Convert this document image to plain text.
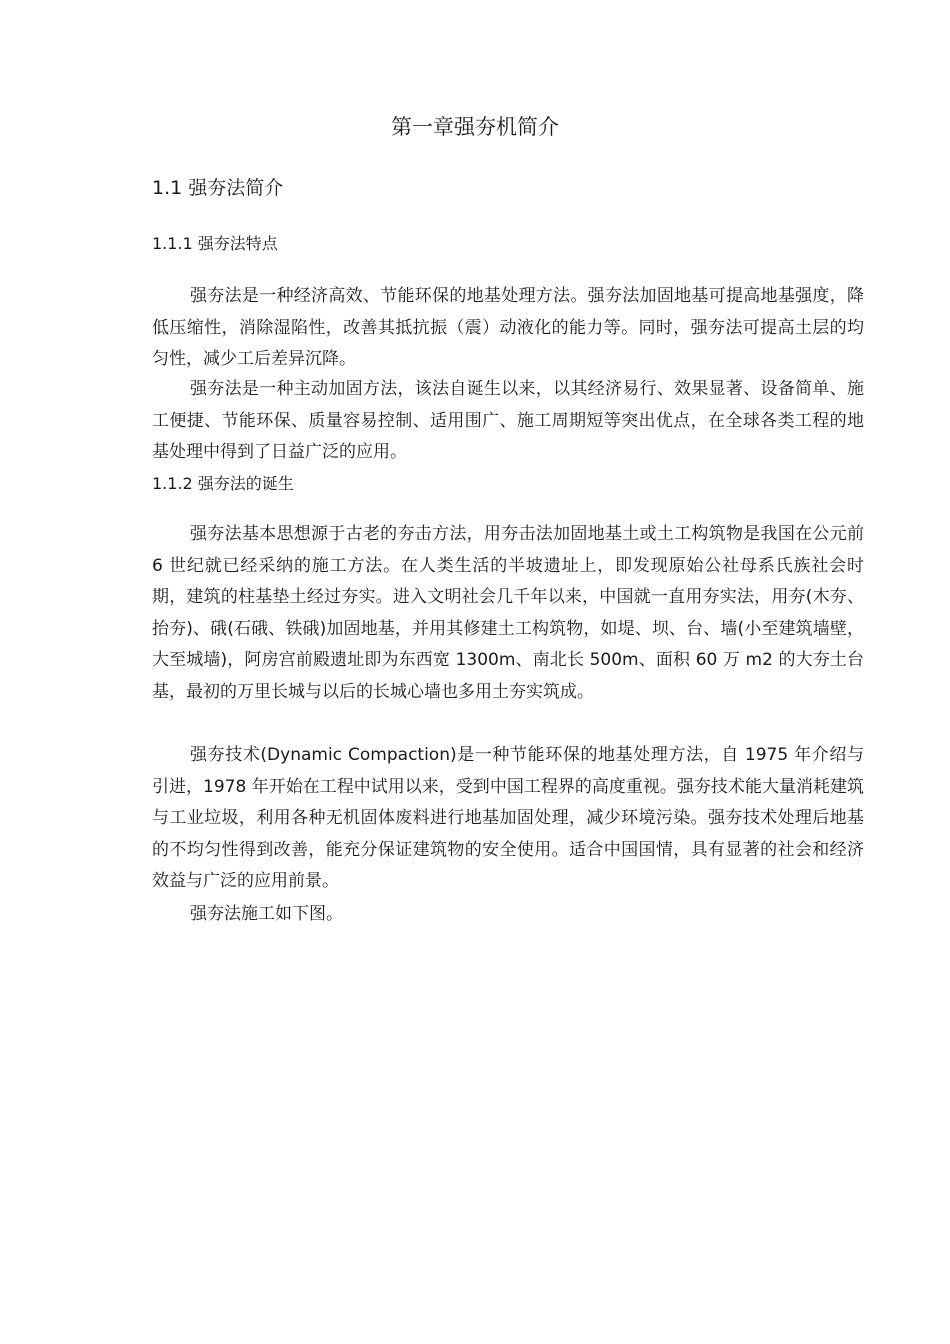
第一章强夯机简介
1.1 强夯法简介
1.1.1 强夯法特点

强夯法是一种经济高效、节能环保的地基处理方法。强夯法加固地基可提高地基强度，降低压缩性，消除湿陷性，改善其抵抗振（震）动液化的能力等。同时，强夯法可提高土层的均匀性，减少工后差异沉降。

强夯法是一种主动加固方法，该法自诞生以来，以其经济易行、效果显著、设备简单、施工便捷、节能环保、质量容易控制、适用围广、施工周期短等突出优点，在全球各类工程的地基处理中得到了日益广泛的应用。

1.1.2 强夯法的诞生

强夯法基本思想源于古老的夯击方法，用夯击法加固地基土或土工构筑物是我国在公元前 6 世纪就已经采纳的施工方法。在人类生活的半坡遗址上，即发现原始公社母系氏族社会时期，建筑的柱基垫土经过夯实。进入文明社会几千年以来，中国就一直用夯实法，用夯(木夯、抬夯)、硪(石硪、铁硪)加固地基，并用其修建土工构筑物，如堤、坝、台、墙(小至建筑墙壁，大至城墙)，阿房宫前殿遗址即为东西宽 1300m、南北长 500m、面积 60 万 m2 的大夯土台基，最初的万里长城与以后的长城心墙也多用土夯实筑成。

强夯技术(Dynamic Compaction)是一种节能环保的地基处理方法，自 1975 年介绍与引进，1978 年开始在工程中试用以来，受到中国工程界的高度重视。强夯技术能大量消耗建筑与工业垃圾，利用各种无机固体废料进行地基加固处理，减少环境污染。强夯技术处理后地基的不均匀性得到改善，能充分保证建筑物的安全使用。适合中国国情，具有显著的社会和经济效益与广泛的应用前景。

强夯法施工如下图。
